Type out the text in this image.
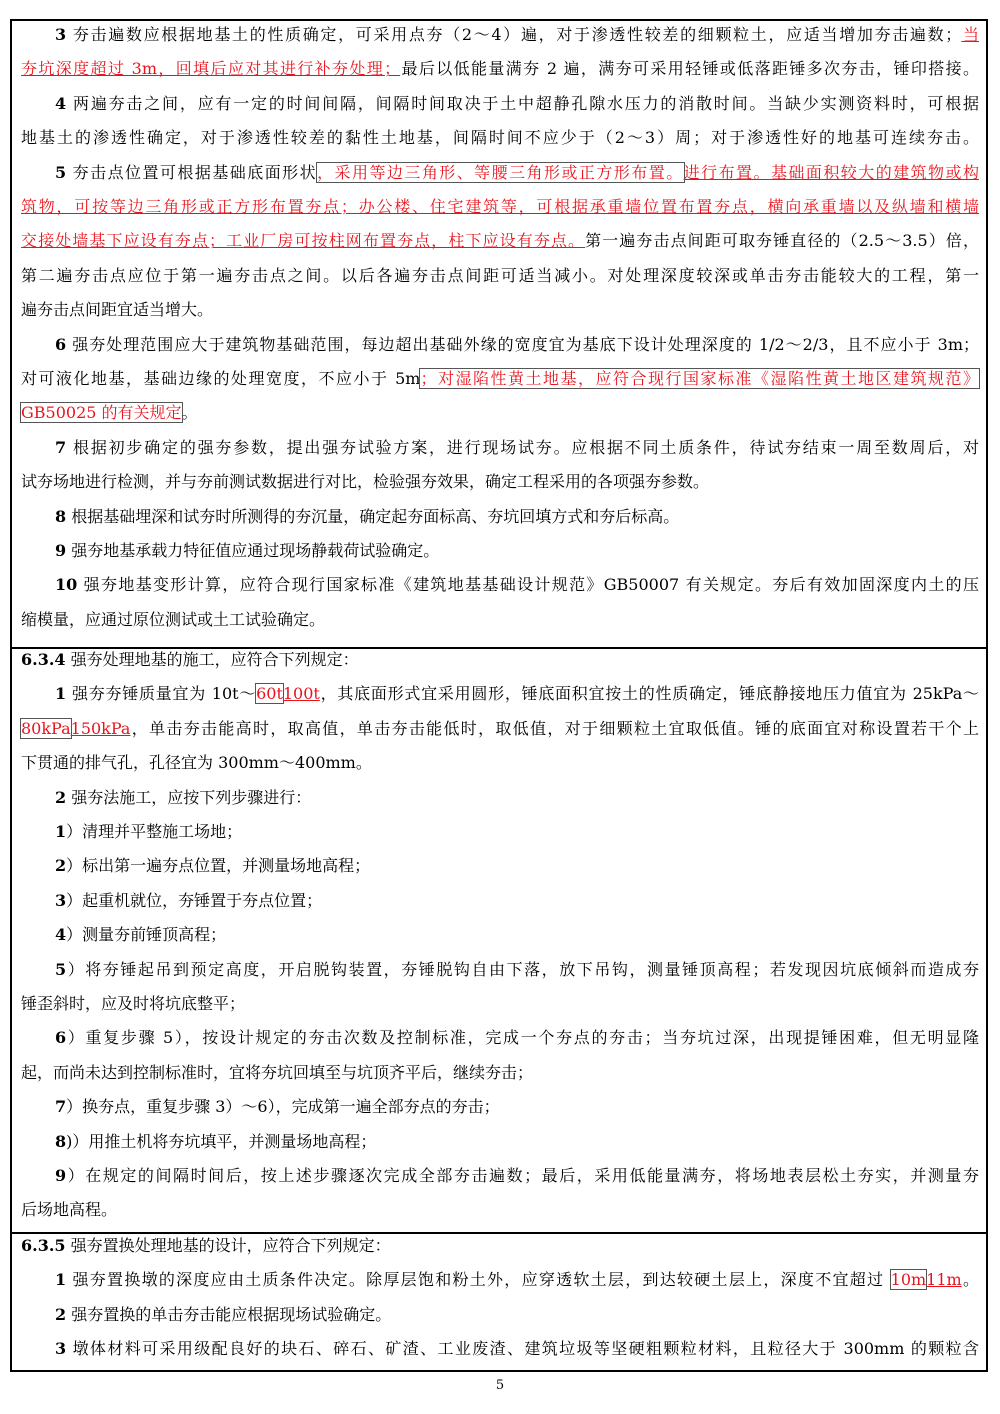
3 夯击遍数应根据地基土的性质确定，可采用点夯（2～4）遍，对于渗透性较差的细颗粒土，应适当增加夯击遍数；当
夯坑深度超过 3m，回填后应对其进行补夯处理；最后以低能量满夯 2 遍，满夯可采用轻锤或低落距锤多次夯击，锤印搭接。
4 两遍夯击之间，应有一定的时间间隔，间隔时间取决于土中超静孔隙水压力的消散时间。当缺少实测资料时，可根据
地基土的渗透性确定，对于渗透性较差的黏性土地基，间隔时间不应少于（2～3）周；对于渗透性好的地基可连续夯击。
5 夯击点位置可根据基础底面形状，采用等边三角形、等腰三角形或正方形布置。进行布置。基础面积较大的建筑物或构
筑物，可按等边三角形或正方形布置夯点；办公楼、住宅建筑等，可根据承重墙位置布置夯点，横向承重墙以及纵墙和横墙
交接处墙基下应设有夯点；工业厂房可按柱网布置夯点，柱下应设有夯点。第一遍夯击点间距可取夯锤直径的（2.5～3.5）倍，
第二遍夯击点应位于第一遍夯击点之间。以后各遍夯击点间距可适当减小。对处理深度较深或单击夯击能较大的工程，第一
遍夯击点间距宜适当增大。
6 强夯处理范围应大于建筑物基础范围，每边超出基础外缘的宽度宜为基底下设计处理深度的 1/2～2/3，且不应小于 3m；
对可液化地基，基础边缘的处理宽度，不应小于 5m；对湿陷性黄土地基，应符合现行国家标准《湿陷性黄土地区建筑规范》
GB50025 的有关规定。
7 根据初步确定的强夯参数，提出强夯试验方案，进行现场试夯。应根据不同土质条件，待试夯结束一周至数周后，对
试夯场地进行检测，并与夯前测试数据进行对比，检验强夯效果，确定工程采用的各项强夯参数。
8 根据基础埋深和试夯时所测得的夯沉量，确定起夯面标高、夯坑回填方式和夯后标高。
9 强夯地基承载力特征值应通过现场静载荷试验确定。
10 强夯地基变形计算，应符合现行国家标准《建筑地基基础设计规范》GB50007 有关规定。夯后有效加固深度内土的压
缩模量，应通过原位测试或土工试验确定。
6.3.4 强夯处理地基的施工，应符合下列规定：
1 强夯夯锤质量宜为 10t～60t100t，其底面形式宜采用圆形，锤底面积宜按土的性质确定，锤底静接地压力值宜为 25kPa～
80kPa150kPa，单击夯击能高时，取高值，单击夯击能低时，取低值，对于细颗粒土宜取低值。锤的底面宜对称设置若干个上
下贯通的排气孔，孔径宜为 300mm～400mm。
2 强夯法施工，应按下列步骤进行：
1）清理并平整施工场地；
2）标出第一遍夯点位置，并测量场地高程；
3）起重机就位，夯锤置于夯点位置；
4）测量夯前锤顶高程；
5）将夯锤起吊到预定高度，开启脱钩装置，夯锤脱钩自由下落，放下吊钩，测量锤顶高程；若发现因坑底倾斜而造成夯
锤歪斜时，应及时将坑底整平；
6）重复步骤 5），按设计规定的夯击次数及控制标准，完成一个夯点的夯击；当夯坑过深，出现提锤困难，但无明显隆
起，而尚未达到控制标准时，宜将夯坑回填至与坑顶齐平后，继续夯击；
7）换夯点，重复步骤 3）～6），完成第一遍全部夯点的夯击；
8)）用推土机将夯坑填平，并测量场地高程；
9）在规定的间隔时间后，按上述步骤逐次完成全部夯击遍数；最后，采用低能量满夯，将场地表层松土夯实，并测量夯
后场地高程。
6.3.5 强夯置换处理地基的设计，应符合下列规定：
1 强夯置换墩的深度应由土质条件决定。除厚层饱和粉土外，应穿透软土层，到达较硬土层上，深度不宜超过 10m11m。
2 强夯置换的单击夯击能应根据现场试验确定。
3 墩体材料可采用级配良好的块石、碎石、矿渣、工业废渣、建筑垃圾等坚硬粗颗粒材料，且粒径大于 300mm 的颗粒含
5
